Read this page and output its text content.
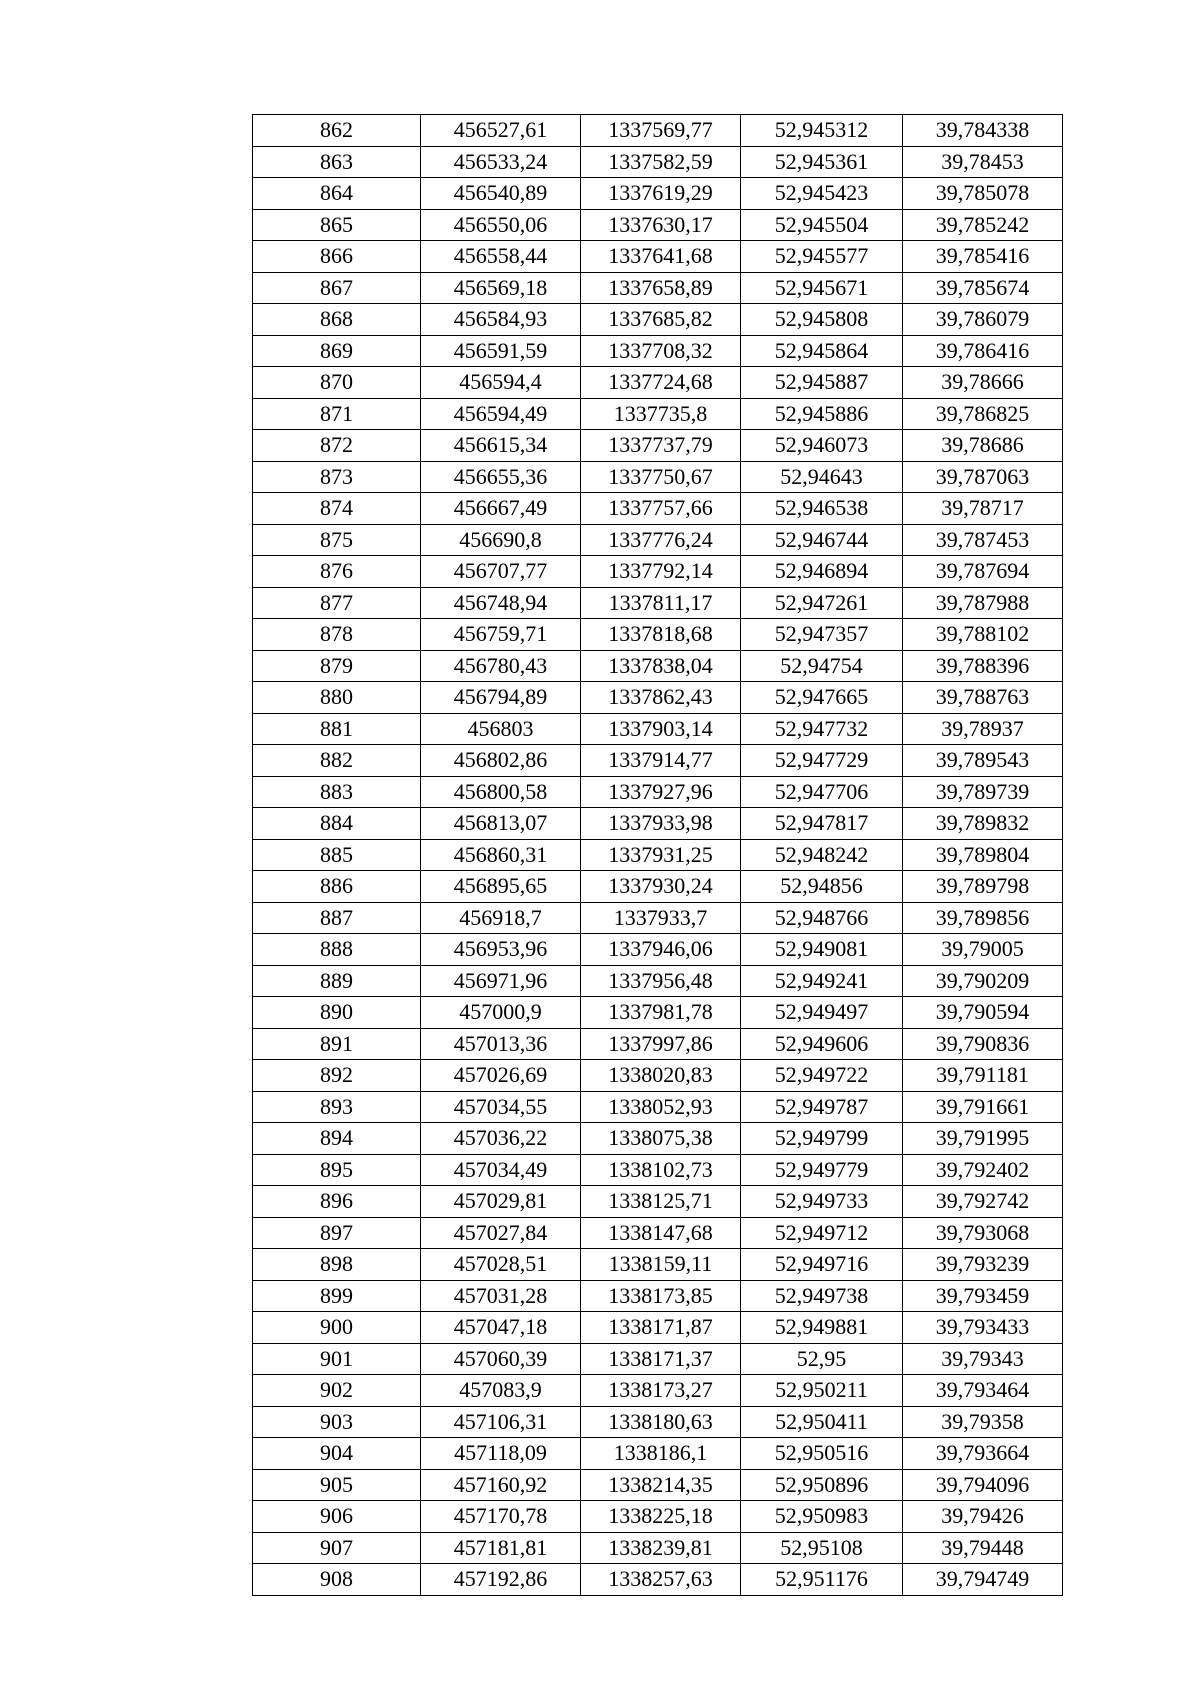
862	456527,61	1337569,77	52,945312	39,784338
863	456533,24	1337582,59	52,945361	39,78453
864	456540,89	1337619,29	52,945423	39,785078
865	456550,06	1337630,17	52,945504	39,785242
866	456558,44	1337641,68	52,945577	39,785416
867	456569,18	1337658,89	52,945671	39,785674
868	456584,93	1337685,82	52,945808	39,786079
869	456591,59	1337708,32	52,945864	39,786416
870	456594,4	1337724,68	52,945887	39,78666
871	456594,49	1337735,8	52,945886	39,786825
872	456615,34	1337737,79	52,946073	39,78686
873	456655,36	1337750,67	52,94643	39,787063
874	456667,49	1337757,66	52,946538	39,78717
875	456690,8	1337776,24	52,946744	39,787453
876	456707,77	1337792,14	52,946894	39,787694
877	456748,94	1337811,17	52,947261	39,787988
878	456759,71	1337818,68	52,947357	39,788102
879	456780,43	1337838,04	52,94754	39,788396
880	456794,89	1337862,43	52,947665	39,788763
881	456803	1337903,14	52,947732	39,78937
882	456802,86	1337914,77	52,947729	39,789543
883	456800,58	1337927,96	52,947706	39,789739
884	456813,07	1337933,98	52,947817	39,789832
885	456860,31	1337931,25	52,948242	39,789804
886	456895,65	1337930,24	52,94856	39,789798
887	456918,7	1337933,7	52,948766	39,789856
888	456953,96	1337946,06	52,949081	39,79005
889	456971,96	1337956,48	52,949241	39,790209
890	457000,9	1337981,78	52,949497	39,790594
891	457013,36	1337997,86	52,949606	39,790836
892	457026,69	1338020,83	52,949722	39,791181
893	457034,55	1338052,93	52,949787	39,791661
894	457036,22	1338075,38	52,949799	39,791995
895	457034,49	1338102,73	52,949779	39,792402
896	457029,81	1338125,71	52,949733	39,792742
897	457027,84	1338147,68	52,949712	39,793068
898	457028,51	1338159,11	52,949716	39,793239
899	457031,28	1338173,85	52,949738	39,793459
900	457047,18	1338171,87	52,949881	39,793433
901	457060,39	1338171,37	52,95	39,79343
902	457083,9	1338173,27	52,950211	39,793464
903	457106,31	1338180,63	52,950411	39,79358
904	457118,09	1338186,1	52,950516	39,793664
905	457160,92	1338214,35	52,950896	39,794096
906	457170,78	1338225,18	52,950983	39,79426
907	457181,81	1338239,81	52,95108	39,79448
908	457192,86	1338257,63	52,951176	39,794749
